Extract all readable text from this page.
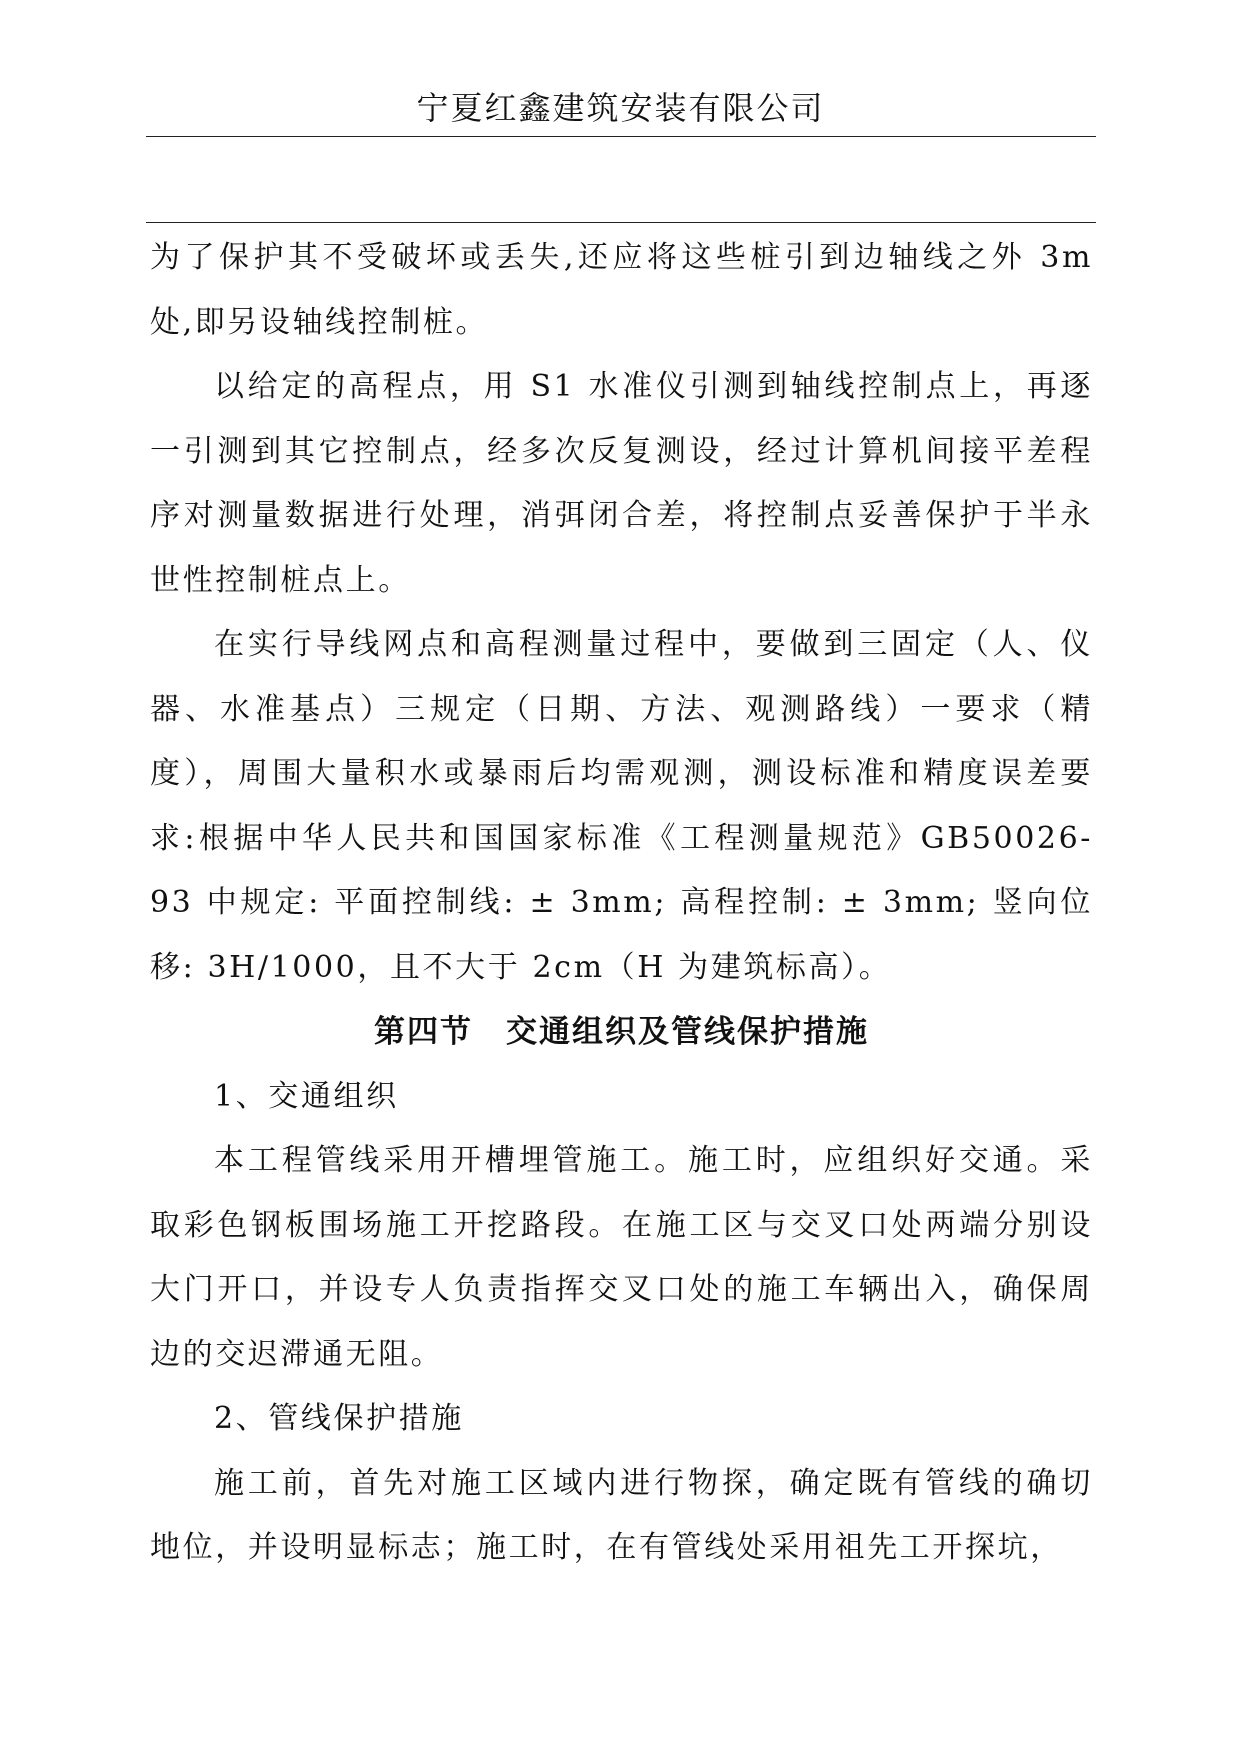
宁夏红鑫建筑安装有限公司

为了保护其不受破坏或丢失,还应将这些桩引到边轴线之外 3m 处,即另设轴线控制桩。

以给定的高程点，用 S1 水准仪引测到轴线控制点上，再逐一引测到其它控制点，经多次反复测设，经过计算机间接平差程序对测量数据进行处理，消弭闭合差，将控制点妥善保护于半永世性控制桩点上。

在实行导线网点和高程测量过程中，要做到三固定（人、仪器、水准基点）三规定（日期、方法、观测路线）一要求（精度），周围大量积水或暴雨后均需观测，测设标准和精度误差要求:根据中华人民共和国国家标准《工程测量规范》GB50026-93 中规定: 平面控制线: ± 3mm; 高程控制: ± 3mm; 竖向位移: 3H/1000，且不大于 2cm（H 为建筑标高）。

第四节　交通组织及管线保护措施

1、交通组织

本工程管线采用开槽埋管施工。施工时，应组织好交通。采取彩色钢板围场施工开挖路段。在施工区与交叉口处两端分别设大门开口，并设专人负责指挥交叉口处的施工车辆出入，确保周边的交迟滞通无阻。

2、管线保护措施

施工前，首先对施工区域内进行物探，确定既有管线的确切地位，并设明显标志；施工时，在有管线处采用祖先工开探坑，
